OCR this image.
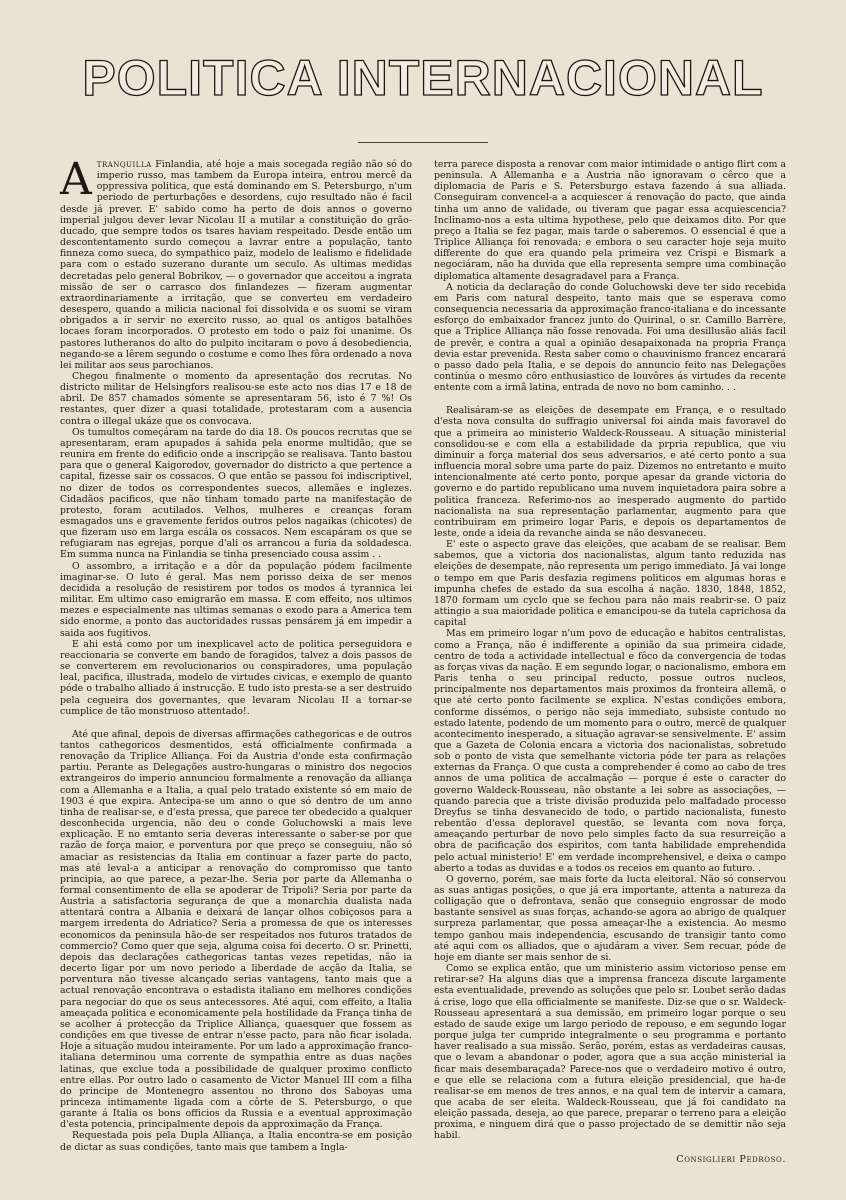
POLITICA INTERNACIONAL

Atranquilla Finlandia, até hoje a mais socegada região não só do imperio russo, mas tambem da Europa inteira, entrou mercê da oppressiva politica, que está dominando em S. Petersburgo, n'um periodo de perturbações e desordens, cujo resultado não é facil desde já prever. E' sabido como ha perto de dois annos o governo imperial julgou dever levar Nicolau II a mutilar a constituição do grão-ducado, que sempre todos os tsares haviam respeitado. Desde então um descontentamento surdo começou a lavrar entre a população, tanto finneza como sueca, do sympathico paiz, modelo de lealismo e fidelidade para com o estado suzerano durante um seculo. As ultimas medidas decretadas pelo general Bobrikov, — o governador que acceitou a ingrata missão de ser o carrasco dos finlandezes — fizeram augmentar extraordinariamente a irritação, que se converteu em verdadeiro desespero, quando a milicia nacional foi dissolvida e os suomi se viram obrigados a ir servir no exercito russo, ao qual os antigos batalhões locaes foram incorporados. O protesto em todo o paiz foi unanime. Os pastores lutheranos do alto do pulpito incitaram o povo á desobediencia, negando-se a lêrem segundo o costume e como lhes fôra ordenado a nova lei militar aos seus parochianos.

Chegou finalmente o momento da apresentação dos recrutas. No districto militar de Helsingfors realisou-se este acto nos dias 17 e 18 de abril. De 857 chamados sómente se apresentaram 56, isto é 7 %! Os restantes, quer dizer a quasi totalidade, protestaram com a ausencia contra o illegal ukáze que os convocava.

Os tumultos começáram na tarde do dia 18. Os poucos recrutas que se apresentaram, eram apupados á sahida pela enorme multidão, que se reunira em frente do edificio onde a inscripção se realisava. Tanto bastou para que o general Kaigorodov, governador do districto a que pertence a capital, fizesse sair os cossacos. O que então se passou foi indiscriptivel, no dizer de todos os correspondentes suecos, allemães e inglezes. Cidadãos pacificos, que não tinham tomado parte na manifestação de protesto, foram acutilados. Velhos, mulheres e creanças foram esmagados uns e gravemente feridos outros pelos nagaikas (chicotes) de que fizeram uso em larga escála os cossacos. Nem escapáram os que se refugiaram nas egrejas, porque d'ali os arrancou a furia da soldadesca. Em summa nunca na Finlandia se tinha presenciado cousa assim . .

O assombro, a irritação e a dôr da população pódem facilmente imaginar-se. O luto é geral. Mas nem porisso deixa de ser menos decidida a resolução de resistirem por todos os modos á tyrannica lei militar. Em ultimo caso emigrarão em massa. E com effeito, nos ultimos mezes e especialmente nas ultimas semanas o exodo para a America tem sido enorme, a ponto das auctoridades russas pensárem já em impedir a saida aos fugitivos.

E ahi está como por um inexplicavel acto de politica perseguidora e reaccionaria se converte em bando de foragidos, talvez a dois passos de se converterem em revolucionarios ou conspiradores, uma população leal, pacifica, illustrada, modelo de virtudes civicas, e exemplo de quanto póde o trabalho alliado á instrucção. E tudo isto presta-se a ser destruido pela cegueira dos governantes, que levaram Nicolau II a tornar-se cumplice de tão monstruoso attentado!.

Até que afinal, depois de diversas affirmações cathegoricas e de outros tantos cathegoricos desmentidos, está officialmente confirmada a renovação da Triplice Alliança. Foi da Austria d'onde esta confirmação partiu. Perante as Delegações austro-hungaras o ministro dos negocios extrangeiros do imperio annunciou formalmente a renovação da alliança com a Allemanha e a Italia, a qual pelo tratado existente só em maio de 1903 é que expira. Antecipa-se um anno o que só dentro de um anno tinha de realisar-se, e d'esta pressa, que parece ter obedecido a qualquer desconhecida urgencia, não deu o conde Goluchowski a mais leve explicação. E no emtanto seria deveras interessante o saber-se por que razão de força maior, e porventura por que preço se conseguiu, não só amaciar as resistencias da Italia em continuar a fazer parte do pacto, mas até leval-a a anticipar a renovação do compromisso que tanto principia, ao que parece, a pezar-lhe. Seria por parte da Allemanha o formal consentimento de ella se apoderar de Tripoli? Seria por parte da Austria a satisfactoria segurança de que a monarchia dualista nada attentará contra a Albania e deixará de lançar olhos cobiçosos para a margem irredenta do Adriatico? Seria a promessa de que os interesses economicos da peninsula hão-de ser respeitados nos futuros tratados de commercio? Como quer que seja, alguma coisa foi decerto. O sr. Prinetti, depois das declarações cathegoricas tantas vezes repetidas, não ia decerto ligar por um novo periodo a liberdade de acção da Italia, se porventura não tivesse alcançado serias vantagens, tanto mais que a actual renovação encontrava o estadista italiano em melhores condições para negociar do que os seus antecessores. Até aqui, com effeito, a Italia ameaçada politica e economicamente pela hostilidade da França tinha de se acolher á protecção da Triplice Alliança, quaesquer que fossem as condições em que tivesse de entrar n'esse pacto, para não ficar isolada. Hoje a situação mudou inteiramente. Por um lado a approximação franco-italiana determinou uma corrente de sympathia entre as duas nações latinas, que exclue toda a possibilidade de qualquer proximo conflicto entre ellas. Por outro lado o casamento de Victor Manuel III com a filha do principe de Montenegro assentou no throno dos Saboyas uma princeza intimamente ligada com a côrte de S. Petersburgo, o que garante á Italia os bons officios da Russia e a eventual approximação d'esta potencia, principalmente depois da approximação da França.

Requestada pois pela Dupla Alliança, a Italia encontra-se em posição de dictar as suas condições, tanto mais que tambem a Ingla-

terra parece disposta a renovar com maior intimidade o antigo flirt com a peninsula. A Allemanha e a Austria não ignoravam o cêrco que a diplomacia de Paris e S. Petersburgo estava fazendo á sua alliada. Conseguiram convencel-a a acquiescer á renovação do pacto, que ainda tinha um anno de validade, ou tiveram que pagar essa acquiescencia? Inclinamo-nos a esta ultima hypothese, pelo que deixamos dito. Por que preço a Italia se fez pagar, mais tarde o saberemos. O essencial é que a Triplice Alliança foi renovada; e embora o seu caracter hoje seja muito differente do que era quando pela primeira vez Crispi e Bismark a negociáram, não ha duvida que ella representa sempre uma combinação diplomatica altamente desagradavel para a França.

A noticia da declaração do conde Goluchowski deve ter sido recebida em Paris com natural despeito, tanto mais que se esperava como consequencia necessaria da approximação franco-italiana e do incessante esforço do embaixador francez junto do Quirinal, o sr. Camillo Barrère, que a Triplice Alliança não fosse renovada. Foi uma desillusão aliás facil de prevêr, e contra a qual a opinião desapaixonada na propria França devia estar prevenida. Resta saber como o chauvinismo francez encarará o passo dado pela Italia, e se depois do annuncio feito nas Delegações continúa o mesmo côro enthusiastico de louvôres ás virtudes da recente entente com a irmã latina, entrada de novo no bom caminho. . .

Realisáram-se as eleições de desempate em França, e o resultado d'esta nova consulta do suffragio universal foi ainda mais favoravel do que a primeira ao ministerio Waldeck-Rousseau. A situação ministerial consolidou-se e com ella a estabilidade da prpria republica, que viu diminuir a força material dos seus adversarios, e até certo ponto a sua influencia moral sobre uma parte do paiz. Dizemos no entretanto e muito intencionalmente até certo ponto, porque apesar da grande victoria do governo e do partido republicano uma nuvem inquietadora paira sobre a politica franceza. Referimo-nos ao inesperado augmento do partido nacionalista na sua representação parlamentar, augmento para que contribuiram em primeiro logar Paris, e depois os departamentos de leste, onde a ideia da revanche ainda se não desvaneceu.

E' este o aspecto grave das eleições, que acabam de se realisar. Bem sabemos, que a victoria dos nacionalistas, algum tanto reduzida nas eleições de desempate, não representa um perigo immediato. Já vai longe o tempo em que Paris desfazia regimens politicos em algumas horas e impunha chefes de estado da sua escolha á nação. 1830, 1848, 1852, 1870 formam um cyclo que se fechou para não mais reabrir-se. O paiz attingio a sua maioridade politica e emancipou-se da tutela caprichosa da capital

Mas em primeiro logar n'um povo de educação e habitos centralistas, como a França, não é indifferente a opinião da sua primeira cidade, centro de toda a actividade intellectual e fôco da convergencia de todas as forças vivas da nação. E em segundo logar, o nacionalismo, embora em Paris tenha o seu principal reducto, possue outros nucleos, principalmente nos departamentos mais proximos da fronteira allemã, o que até certo ponto facilmente se explica. N'estas condições embora, conforme dissémos, o perigo não seja immediato, subsiste contudo no estado latente, podendo de um momento para o outro, mercê de qualquer acontecimento inesperado, a situação agravar-se sensivelmente. E' assim que a Gazeta de Colonia encara a victoria dos nacionalistas, sobretudo sob o ponto de vista que semelhante victoria póde ter para as relações externas da França. O que custa a comprehender é como ao cabo de tres annos de uma politica de accalmação — porque é este o caracter do governo Waldeck-Rousseau, não obstante a lei sobre as associações, — quando parecia que a triste divisão produzida pelo malfadado processo Dreyfus se tinha desvanecido de todo, o partido nacionalista, funesto rebentão d'essa deploravel questão, se levanta com nova força, ameaçando perturbar de novo pelo simples facto da sua resurreição a obra de pacificação dos espiritos, com tanta habilidade emprehendida pelo actual ministerio! E' em verdade incomprehensivel, e deixa o campo aberto a todas as duvidas e a todos os receios em quanto ao futuro. .

O governo, porém, sae mais forte da lucta eleitoral. Não só conservou as suas antigas posições, o que já era importante, attenta a natureza da colligação que o defrontava, senão que conseguio engrossar de modo bastante sensivel as suas forças, achando-se agora ao abrigo de qualquer surpreza parlamentar, que possa ameaçar-lhe a existencia. Ao mesmo tempo ganhou mais independencia, escusando de transigir tanto como até aqui com os alliados, que o ajudáram a viver. Sem recuar, póde de hoje em diante ser mais senhor de si.

Como se explica então, que um ministerio assim victorioso pense em retirar-se? Ha alguns dias que a imprensa franceza discute largamente esta eventualidade, prevendo as soluções que pelo sr. Loubet serão dadas á crise, logo que ella officialmente se manifeste. Diz-se que o sr. Waldeck-Rousseau apresentará a sua demissão, em primeiro logar porque o seu estado de saude exige um largo periodo de repouso, e em segundo logar porque julga ter cumprido integralmente o seu programma e portanto haver realisado a sua missão. Serão, porém, estas as verdadeiras causas, que o levam a abandonar o poder, agora que a sua acção ministerial ia ficar mais desembaraçada? Parece-nos que o verdadeiro motivo é outro, e que elle se relaciona com a futura eleição presidencial, que ha-de realisar-se em menos de tres annos, e na qual tem de intervir a camara, que acaba de ser eleita. Waldeck-Rousseau, que já foi candidato na eleição passada, deseja, ao que parece, preparar o terreno para a eleição proxima, e ninguem dirá que o passo projectado de se demittir não seja habil.

Consiglieri Pedroso.
